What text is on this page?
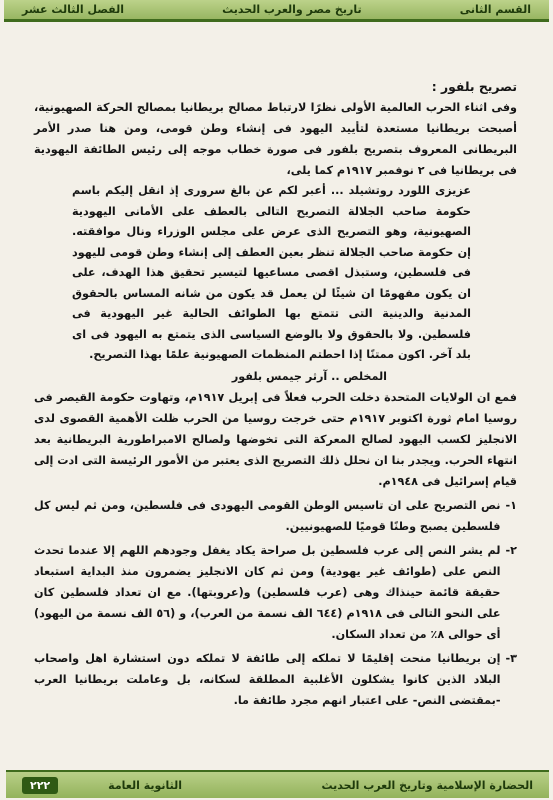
الفصل الثالث عشر	تاريخ مصر والعرب الحديث	القسم الثانى

تصريح بلفور :

وفى اثناء الحرب العالمية الأولى نظرًا لارتباط مصالح بريطانيا بمصالح الحركة الصهيونية، أصبحت بريطانيا مستعدة لتأييد اليهود فى إنشاء وطن قومى، ومن هنا صدر الأمر البريطانى المعروف بتصريح بلفور فى صورة خطاب موجه إلى رئيس الطائفة اليهودية فى بريطانيا فى ٢ نوفمبر ١٩١٧م كما يلى،

عزيزى اللورد روتشيلد ... أعبر لكم عن بالغ سرورى إذ انقل إليكم باسم حكومة صاحب الجلالة التصريح التالى بالعطف على الأمانى اليهودية الصهيونية، وهو التصريح الذى عرض على مجلس الوزراء ونال موافقته. إن حكومة صاحب الجلالة تنظر بعين العطف إلى إنشاء وطن قومى لليهود فى فلسطين، وستبذل اقصى مساعيها لتيسير تحقيق هذا الهدف، على ان يكون مفهومًا ان شيئًا لن يعمل قد يكون من شانه المساس بالحقوق المدنية والدينية التى تتمتع بها الطوائف الحالية غير اليهودية فى فلسطين. ولا بالحقوق ولا بالوضع السياسى الذى يتمتع به اليهود فى اى بلد آخر. اكون ممتنًا إذا احطتم المنظمات الصهيونية علمًا بهذا التصريح.

المخلص .. آرثر جيمس بلفور

فمع ان الولايات المتحدة دخلت الحرب فعلاً فى إبريل ١٩١٧م، وتهاوت حكومة القيصر فى روسيا امام ثورة اكتوبر ١٩١٧م حتى خرجت روسيا من الحرب ظلت الأهمية القصوى لدى الانجليز لكسب اليهود لصالح المعركة التى تخوضها ولصالح الامبراطورية البريطانية بعد انتهاء الحرب. ويجدر بنا ان نحلل ذلك التصريح الذى يعتبر من الأمور الرئيسة التى ادت إلى قيام إسرائيل فى ١٩٤٨م.

١-
نص التصريح على ان تاسيس الوطن القومى اليهودى فى فلسطين، ومن ثم ليس كل فلسطين يصبح وطنًا قوميًا للصهيونيين.
٢-
لم يشر النص إلى عرب فلسطين بل صراحة يكاد يغفل وجودهم اللهم إلا عندما تحدث النص على (طوائف غير يهودية) ومن ثم كان الانجليز يضمرون منذ البداية استبعاد حقيقة قائمة حينذاك وهى (عرب فلسطين) و(عروبتها). مع ان تعداد فلسطين كان على النحو التالى فى ١٩١٨م (٦٤٤ الف نسمة من العرب)، و (٥٦ الف نسمة من اليهود) أى حوالى ٨٪ من تعداد السكان.
٣-
إن بريطانيا منحت إقليمًا لا تملكه إلى طائفة لا تملكه دون استشارة اهل واصحاب البلاد الذين كانوا يشكلون الأغلبية المطلقة لسكانه، بل وعاملت بريطانيا العرب -بمقتضى النص- على اعتبار انهم مجرد طائفة ما.
٢٢٢	الثانوية العامة	الحضارة الإسلامية وتاريخ العرب الحديث
